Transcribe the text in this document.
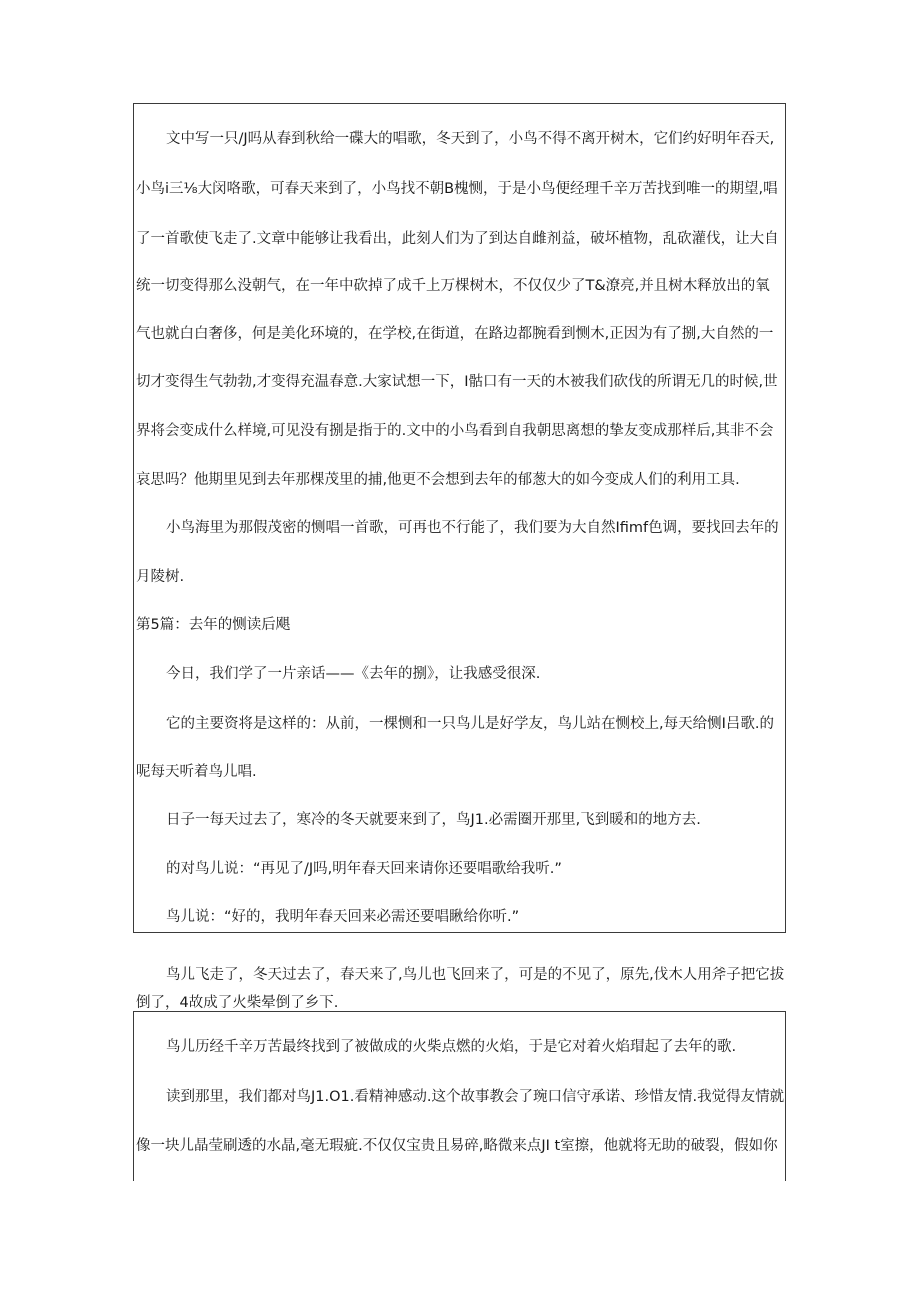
文中写一只/J吗从春到秋给一碟大的唱歌，冬天到了，小鸟不得不离开树木，它们约好明年吞天,
小鸟i三⅛大闵咯歌，可春天来到了，小鸟找不朝B槐恻，于是小鸟便经理千辛万苦找到唯一的期望,唱
了一首歌使飞走了.文章中能够让我看出，此刻人们为了到达自雌剂益，破坏植物，乱砍灌伐，让大自
统一切变得那么没朝气，在一年中砍掉了成千上万棵树木，不仅仅少了T&潦亮,并且树木释放出的氧
气也就白白奢侈，何是美化环境的，在学校,在街道，在路边都腕看到恻木,正因为有了捌,大自然的一
切才变得生气勃勃,才变得充温春意.大家试想一下，I骷口有一天的木被我们砍伐的所谓无几的时候,世
界将会变成什么样境,可见没有捌是指于的.文中的小鸟看到自我朝思离想的挚友变成那样后,其非不会
哀思吗？他期里见到去年那棵茂里的捕,他更不会想到去年的郁葱大的如今变成人们的利用工具.
小鸟海里为那假茂密的恻唱一首歌，可再也不行能了，我们要为大自然Ifimf色调，要找回去年的
月陵树.
第5篇：去年的恻读后飓
今日，我们学了一片亲话——《去年的捌》，让我感受很深.
它的主要资将是这样的：从前，一棵恻和一只鸟儿是好学友，鸟儿站在恻校上,每天给恻I吕歌.的
呢每天听着鸟儿唱.
日子一每天过去了，寒冷的冬天就要来到了，鸟J1.必需圈开那里,飞到暖和的地方去.
的对鸟儿说：“再见了/J吗,明年春天回来请你还要唱歌给我听.”
鸟儿说：“好的，我明年春天回来必需还要唱瞅给你听.”
鸟儿飞走了，冬天过去了，春天来了,鸟儿也飞回来了，可是的不见了，原先,伐木人用斧子把它拔
倒了，4故成了火柴晕倒了乡下.
鸟儿历经千辛万苦最终找到了被做成的火柴点燃的火焰，于是它对着火焰瑁起了去年的歌.
读到那里，我们都对鸟J1.O1.看精神感动.这个故事教会了琬口信守承诺、珍惜友情.我觉得友情就
像一块儿晶莹刷透的水晶,毫无瑕疵.不仅仅宝贵且易碎,略微来点JI t室擦，他就将无助的破裂，假如你
